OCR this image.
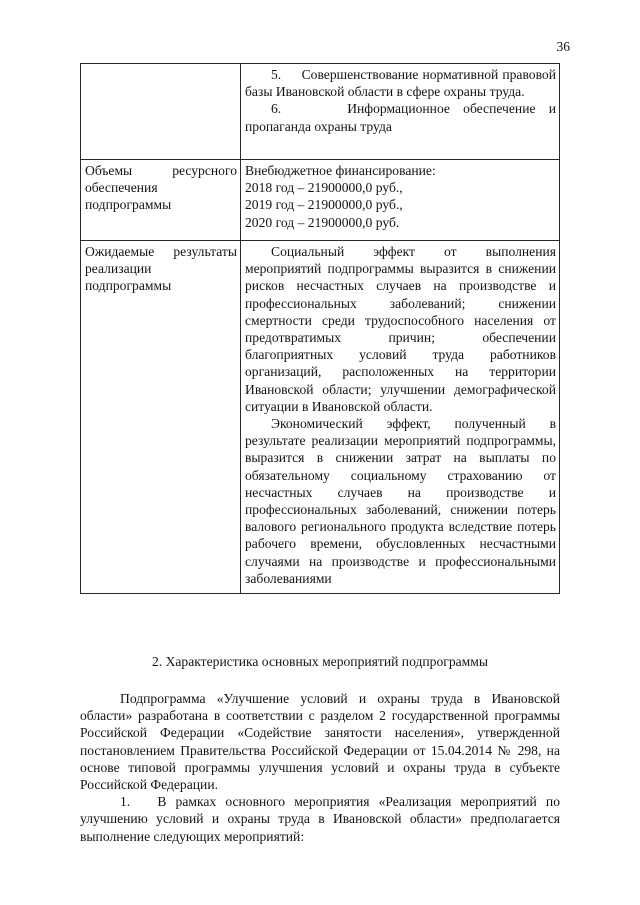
36

	5. Совершенствование нормативной правовой базы Ивановской области в сфере охраны труда.
6. Информационное обеспечение и пропаганда охраны труда

Объемы ресурсного обеспечения подпрограммы	Внебюджетное финансирование:
2018 год – 21900000,0 руб.,
2019 год – 21900000,0 руб.,
2020 год – 21900000,0 руб.

Ожидаемые результаты реализации подпрограммы	Социальный эффект от выполнения мероприятий подпрограммы выразится в снижении рисков несчастных случаев на производстве и профессиональных заболеваний; снижении смертности среди трудоспособного населения от предотвратимых причин; обеспечении благоприятных условий труда работников организаций, расположенных на территории Ивановской области; улучшении демографической ситуации в Ивановской области.
Экономический эффект, полученный в результате реализации мероприятий подпрограммы, выразится в снижении затрат на выплаты по обязательному социальному страхованию от несчастных случаев на производстве и профессиональных заболеваний, снижении потерь валового регионального продукта вследствие потерь рабочего времени, обусловленных несчастными случаями на производстве и профессиональными заболеваниями
2. Характеристика основных мероприятий подпрограммы

Подпрограмма «Улучшение условий и охраны труда в Ивановской области» разработана в соответствии с разделом 2 государственной программы Российской Федерации «Содействие занятости населения», утвержденной постановлением Правительства Российской Федерации от 15.04.2014 № 298, на основе типовой программы улучшения условий и охраны труда в субъекте Российской Федерации.

1.  В рамках основного мероприятия «Реализация мероприятий по улучшению условий и охраны труда в Ивановской области» предполагается выполнение следующих мероприятий:
